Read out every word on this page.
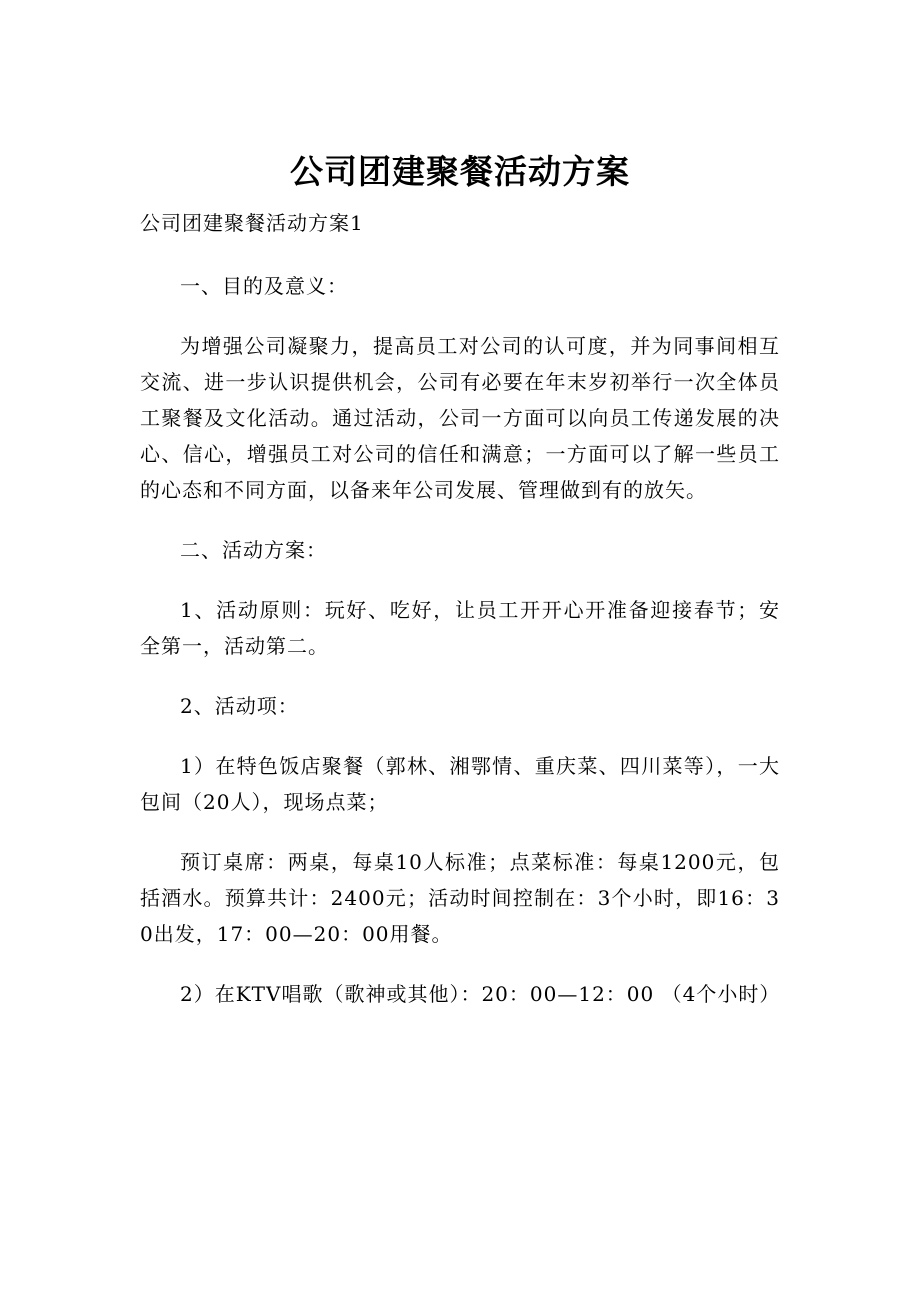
公司团建聚餐活动方案
公司团建聚餐活动方案1

一、目的及意义：

为增强公司凝聚力，提高员工对公司的认可度，并为同事间相互交流、进一步认识提供机会，公司有必要在年末岁初举行一次全体员工聚餐及文化活动。通过活动，公司一方面可以向员工传递发展的决心、信心，增强员工对公司的信任和满意；一方面可以了解一些员工的心态和不同方面，以备来年公司发展、管理做到有的放矢。

二、活动方案：

1、活动原则：玩好、吃好，让员工开开心开准备迎接春节；安全第一，活动第二。

2、活动项：

1）在特色饭店聚餐（郭林、湘鄂情、重庆菜、四川菜等），一大包间（20人），现场点菜；

预订桌席：两桌，每桌10人标准；点菜标准：每桌1200元，包括酒水。预算共计：2400元；活动时间控制在：3个小时，即16：30出发，17：00—20：00用餐。

2）在KTV唱歌（歌神或其他）：20：00—12：00 （4个小时）
